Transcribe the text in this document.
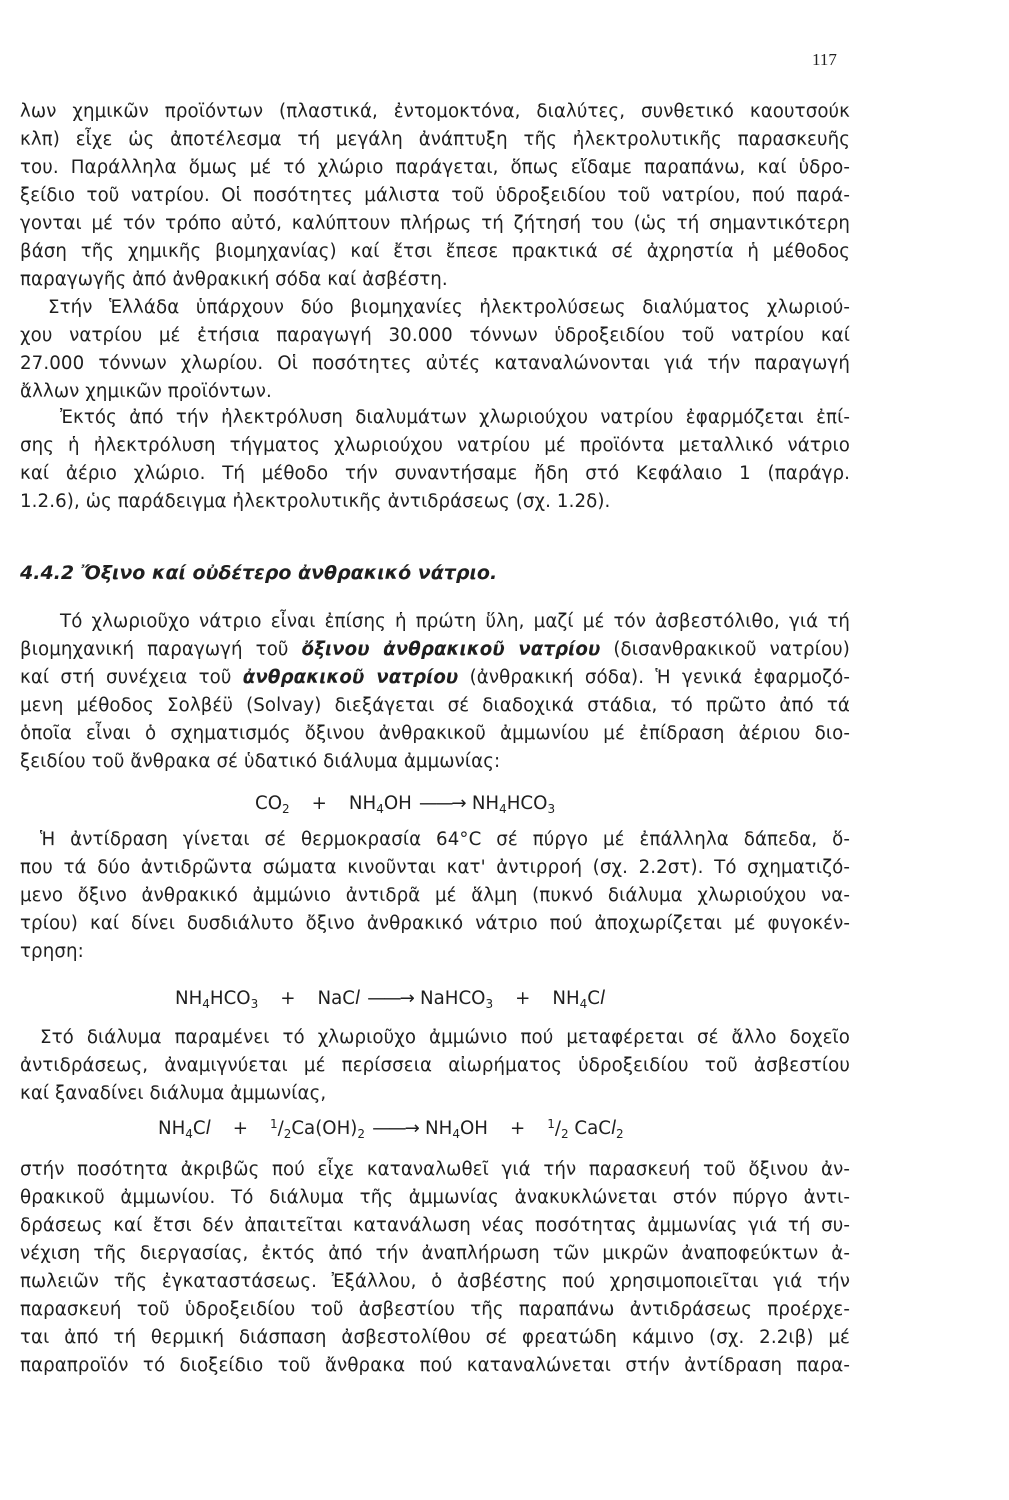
117
λων χημικῶν προϊόντων (πλαστικά, ἐντομοκτόνα, διαλύτες, συνθετικό καουτσούκ
κλπ) εἶχε ὡς ἀποτέλεσμα τή μεγάλη ἀνάπτυξη τῆς ἠλεκτρολυτικῆς παρασκευῆς
του. Παράλληλα ὅμως μέ τό χλώριο παράγεται, ὅπως εἴδαμε παραπάνω, καί ὑδρο-
ξείδιο τοῦ νατρίου. Οἱ ποσότητες μάλιστα τοῦ ὑδροξειδίου τοῦ νατρίου, πού παρά-
γονται μέ τόν τρόπο αὐτό, καλύπτουν πλήρως τή ζήτησή του (ὡς τή σημαντικότερη
βάση τῆς χημικῆς βιομηχανίας) καί ἔτσι ἔπεσε πρακτικά σέ ἀχρηστία ἡ μέθοδος
παραγωγῆς ἀπό ἀνθρακική σόδα καί ἀσβέστη.
Στήν Ἑλλάδα ὑπάρχουν δύο βιομηχανίες ἠλεκτρολύσεως διαλύματος χλωριού-
χου νατρίου μέ ἐτήσια παραγωγή 30.000 τόννων ὑδροξειδίου τοῦ νατρίου καί
27.000 τόννων χλωρίου. Οἱ ποσότητες αὐτές καταναλώνονται γιά τήν παραγωγή
ἄλλων χημικῶν προϊόντων.
Ἐκτός ἀπό τήν ἠλεκτρόλυση διαλυμάτων χλωριούχου νατρίου ἐφαρμόζεται ἐπί-
σης ἡ ἠλεκτρόλυση τήγματος χλωριούχου νατρίου μέ προϊόντα μεταλλικό νάτριο
καί ἀέριο χλώριο. Τή μέθοδο τήν συναντήσαμε ἤδη στό Κεφάλαιο 1 (παράγρ.
1.2.6), ὡς παράδειγμα ἠλεκτρολυτικῆς ἀντιδράσεως (σχ. 1.2δ).
4.4.2 Ὄξινο καί οὐδέτερο ἀνθρακικό νάτριο.
Τό χλωριοῦχο νάτριο εἶναι ἐπίσης ἡ πρώτη ὕλη, μαζί μέ τόν ἀσβεστόλιθο, γιά τή
βιομηχανική παραγωγή τοῦ ὄξινου ἀνθρακικοῦ νατρίου (δισανθρακικοῦ νατρίου)
καί στή συνέχεια τοῦ ἀνθρακικοῦ νατρίου (ἀνθρακική σόδα). Ἡ γενικά ἐφαρμοζό-
μενη μέθοδος Σολβέϋ (Solvay) διεξάγεται σέ διαδοχικά στάδια, τό πρῶτο ἀπό τά
ὁποῖα εἶναι ὁ σχηματισμός ὄξινου ἀνθρακικοῦ ἀμμωνίου μέ ἐπίδραση ἀέριου διο-
ξειδίου τοῦ ἄνθρακα σέ ὑδατικό διάλυμα ἀμμωνίας:
$CO_2 + NH_4OH$ ——→ $NH_4HCO_3$
Ἡ ἀντίδραση γίνεται σέ θερμοκρασία 64°C σέ πύργο μέ ἐπάλληλα δάπεδα, ὅ-
που τά δύο ἀντιδρῶντα σώματα κινοῦνται κατ' ἀντιρροή (σχ. 2.2στ). Τό σχηματιζό-
μενο ὄξινο ἀνθρακικό ἀμμώνιο ἀντιδρᾶ μέ ἅλμη (πυκνό διάλυμα χλωριούχου να-
τρίου) καί δίνει δυσδιάλυτο ὄξινο ἀνθρακικό νάτριο πού ἀποχωρίζεται μέ φυγοκέν-
τρηση:
$NH_4HCO_3$ + NaCl ——→ NaHCO$_3$ + $NH_4Cl$
Στό διάλυμα παραμένει τό χλωριοῦχο ἀμμώνιο πού μεταφέρεται σέ ἄλλο δοχεῖο
ἀντιδράσεως, ἀναμιγνύεται μέ περίσσεια αἰωρήματος ὑδροξειδίου τοῦ ἀσβεστίου
καί ξαναδίνει διάλυμα ἀμμωνίας,
$NH_4Cl + ^1/_2Ca(OH)_2$ ——→ $NH_4OH + ^1/_2$ CaCl$_2$
στήν ποσότητα ἀκριβῶς πού εἶχε καταναλωθεῖ γιά τήν παρασκευή τοῦ ὄξινου ἀν-
θρακικοῦ ἀμμωνίου. Τό διάλυμα τῆς ἀμμωνίας ἀνακυκλώνεται στόν πύργο ἀντι-
δράσεως καί ἔτσι δέν ἀπαιτεῖται κατανάλωση νέας ποσότητας ἀμμωνίας γιά τή συ-
νέχιση τῆς διεργασίας, ἐκτός ἀπό τήν ἀναπλήρωση τῶν μικρῶν ἀναποφεύκτων ἀ-
πωλειῶν τῆς ἐγκαταστάσεως. Ἐξάλλου, ὁ ἀσβέστης πού χρησιμοποιεῖται γιά τήν
παρασκευή τοῦ ὑδροξειδίου τοῦ ἀσβεστίου τῆς παραπάνω ἀντιδράσεως προέρχε-
ται ἀπό τή θερμική διάσπαση ἀσβεστολίθου σέ φρεατώδη κάμινο (σχ. 2.2ιβ) μέ
παραπροϊόν τό διοξείδιο τοῦ ἄνθρακα πού καταναλώνεται στήν ἀντίδραση παρα-
